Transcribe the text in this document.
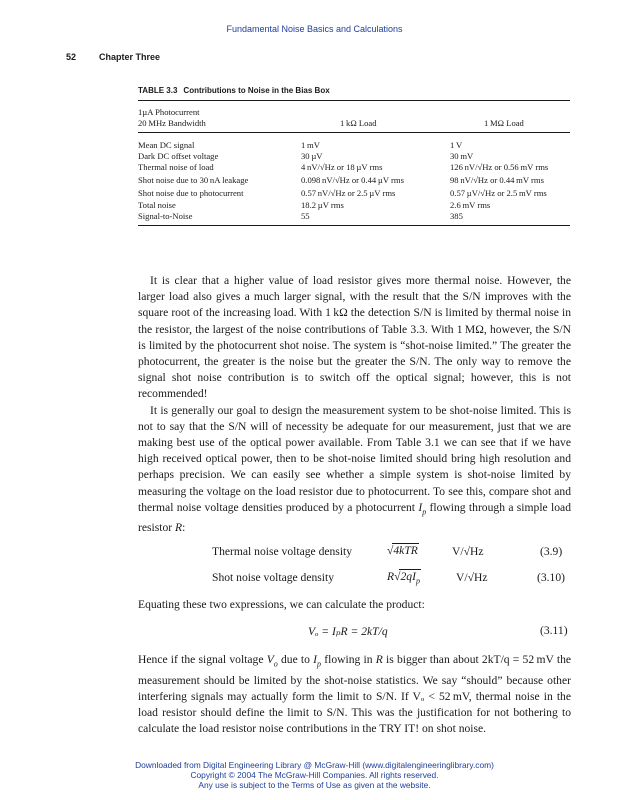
Fundamental Noise Basics and Calculations
52	Chapter Three
TABLE 3.3 Contributions to Noise in the Bias Box
1µA Photocurrent
20 MHz Bandwidth	1 kΩ Load	1 MΩ Load
Mean DC signal	1 mV	1 V
Dark DC offset voltage	30 µV	30 mV
Thermal noise of load	4 nV/√Hz or 18 µV rms	126 nV/√Hz or 0.56 mV rms
Shot noise due to 30 nA leakage	0.098 nV/√Hz or 0.44 µV rms	98 nV/√Hz or 0.44 mV rms
Shot noise due to photocurrent	0.57 nV/√Hz or 2.5 µV rms	0.57 µV/√Hz or 2.5 mV rms
Total noise	18.2 µV rms	2.6 mV rms
Signal-to-Noise	55	385

It is clear that a higher value of load resistor gives more thermal noise. However, the larger load also gives a much larger signal, with the result that the S/N improves with the square root of the increasing load. With 1 kΩ the detection S/N is limited by thermal noise in the resistor, the largest of the noise contributions of Table 3.3. With 1 MΩ, however, the S/N is limited by the photocurrent shot noise. The system is “shot-noise limited.” The greater the photocurrent, the greater is the noise but the greater the S/N. The only way to remove the signal shot noise contribution is to switch off the optical signal; however, this is not recommended!

It is generally our goal to design the measurement system to be shot-noise limited. This is not to say that the S/N will of necessity be adequate for our measurement, just that we are making best use of the optical power available. From Table 3.1 we can see that if we have high received optical power, then to be shot-noise limited should bring high resolution and perhaps precision. We can easily see whether a simple system is shot-noise limited by measuring the voltage on the load resistor due to photocurrent. To see this, compare shot and thermal noise voltage densities produced by a photocurrent $I_p$ flowing through a simple load resistor R:

Thermal noise voltage density	√4kTR	V/√Hz	(3.9)
Shot noise voltage density	$R√2qI_p$	V/√Hz	(3.10)
Equating these two expressions, we can calculate the product:
Vₒ = IₚR = 2kT/q	(3.11)
Hence if the signal voltage $V_o$ due to $I_p$ flowing in R is bigger than about 2kT/q = 52 mV the measurement should be limited by the shot-noise statistics. We say “should” because other interfering signals may actually form the limit to S/N. If Vₒ < 52 mV, thermal noise in the load resistor should define the limit to S/N. This was the justification for not bothering to calculate the load resistor noise contributions in the TRY IT! on shot noise.
Downloaded from Digital Engineering Library @ McGraw-Hill (www.digitalengineeringlibrary.com)
Copyright © 2004 The McGraw-Hill Companies. All rights reserved.
Any use is subject to the Terms of Use as given at the website.
